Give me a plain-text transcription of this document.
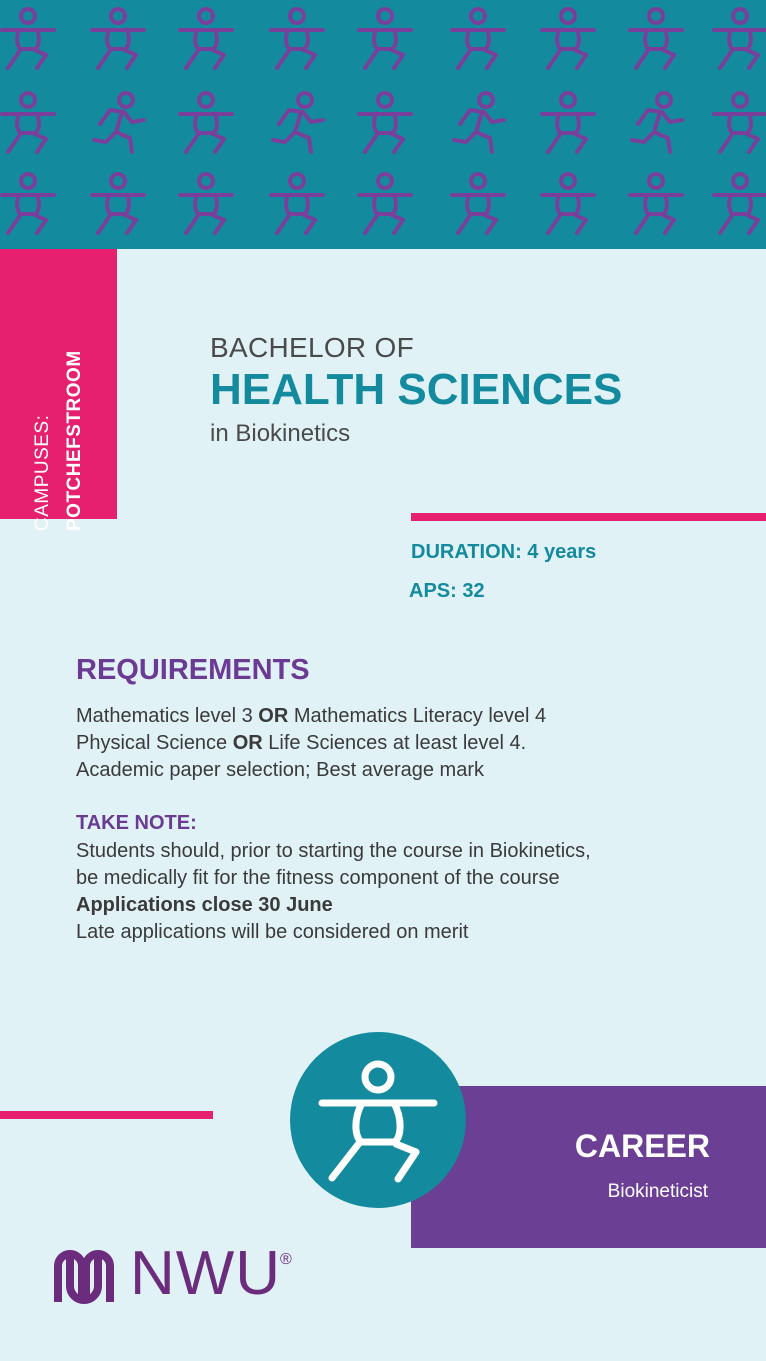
CAMPUSES: POTCHEFSTROOM
BACHELOR OF
HEALTH SCIENCES
in Biokinetics
DURATION: 4 years
APS: 32
REQUIREMENTS
Mathematics level 3 OR Mathematics Literacy level 4
Physical Science OR Life Sciences at least level 4.
Academic paper selection; Best average mark
TAKE NOTE:
Students should, prior to starting the course in Biokinetics,
be medically fit for the fitness component of the course
Applications close 30 June
Late applications will be considered on merit
CAREER
Biokineticist
NWU
®
